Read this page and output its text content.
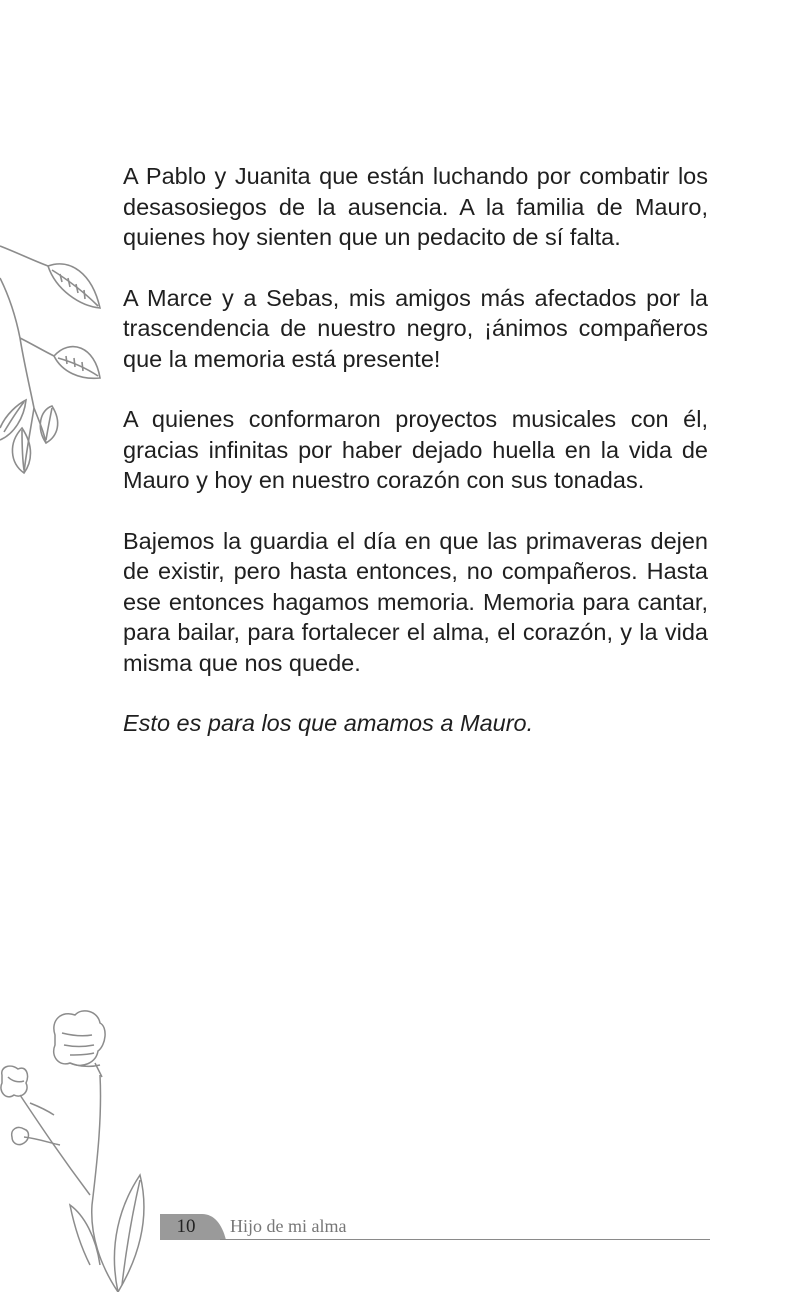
A Pablo y Juanita que están luchando por combatir los desasosiegos de la ausencia. A la familia de Mauro, quienes hoy sienten que un pedacito de sí falta.

A Marce y a Sebas, mis amigos más afectados por la trascendencia de nuestro negro, ¡ánimos compañeros que la memoria está presente!

A quienes conformaron proyectos musicales con él, gracias infinitas por haber dejado huella en la vida de Mauro y hoy en nuestro corazón con sus tonadas.

Bajemos la guardia el día en que las primaveras dejen de existir, pero hasta entonces, no compañeros. Hasta ese entonces hagamos memoria. Memoria para cantar, para bailar, para fortalecer el alma, el corazón, y la vida misma que nos quede.

Esto es para los que amamos a Mauro.

10 Hijo de mi alma
